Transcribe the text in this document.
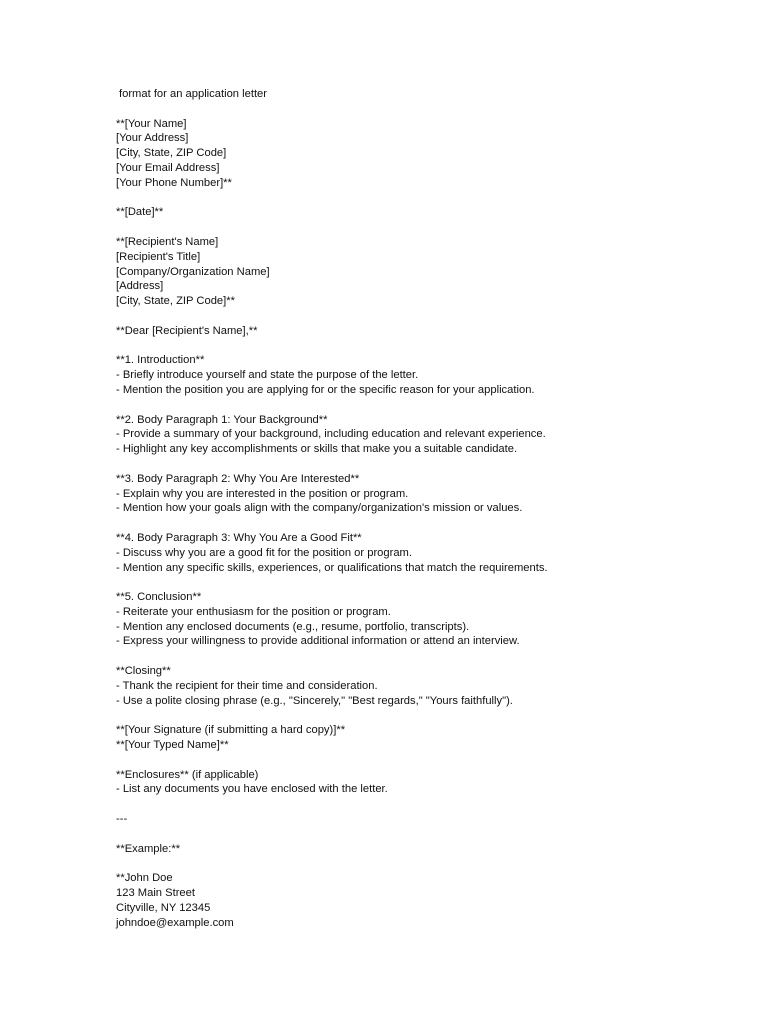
format for an application letter
**[Your Name]
[Your Address]
[City, State, ZIP Code]
[Your Email Address]
[Your Phone Number]**
**[Date]**
**[Recipient's Name]
[Recipient's Title]
[Company/Organization Name]
[Address]
[City, State, ZIP Code]**
**Dear [Recipient's Name],**
**1. Introduction**
- Briefly introduce yourself and state the purpose of the letter.
- Mention the position you are applying for or the specific reason for your application.
**2. Body Paragraph 1: Your Background**
- Provide a summary of your background, including education and relevant experience.
- Highlight any key accomplishments or skills that make you a suitable candidate.
**3. Body Paragraph 2: Why You Are Interested**
- Explain why you are interested in the position or program.
- Mention how your goals align with the company/organization's mission or values.
**4. Body Paragraph 3: Why You Are a Good Fit**
- Discuss why you are a good fit for the position or program.
- Mention any specific skills, experiences, or qualifications that match the requirements.
**5. Conclusion**
- Reiterate your enthusiasm for the position or program.
- Mention any enclosed documents (e.g., resume, portfolio, transcripts).
- Express your willingness to provide additional information or attend an interview.
**Closing**
- Thank the recipient for their time and consideration.
- Use a polite closing phrase (e.g., "Sincerely," "Best regards," "Yours faithfully").
**[Your Signature (if submitting a hard copy)]**
**[Your Typed Name]**
**Enclosures** (if applicable)
- List any documents you have enclosed with the letter.
---
**Example:**
**John Doe
123 Main Street
Cityville, NY 12345
johndoe@example.com
